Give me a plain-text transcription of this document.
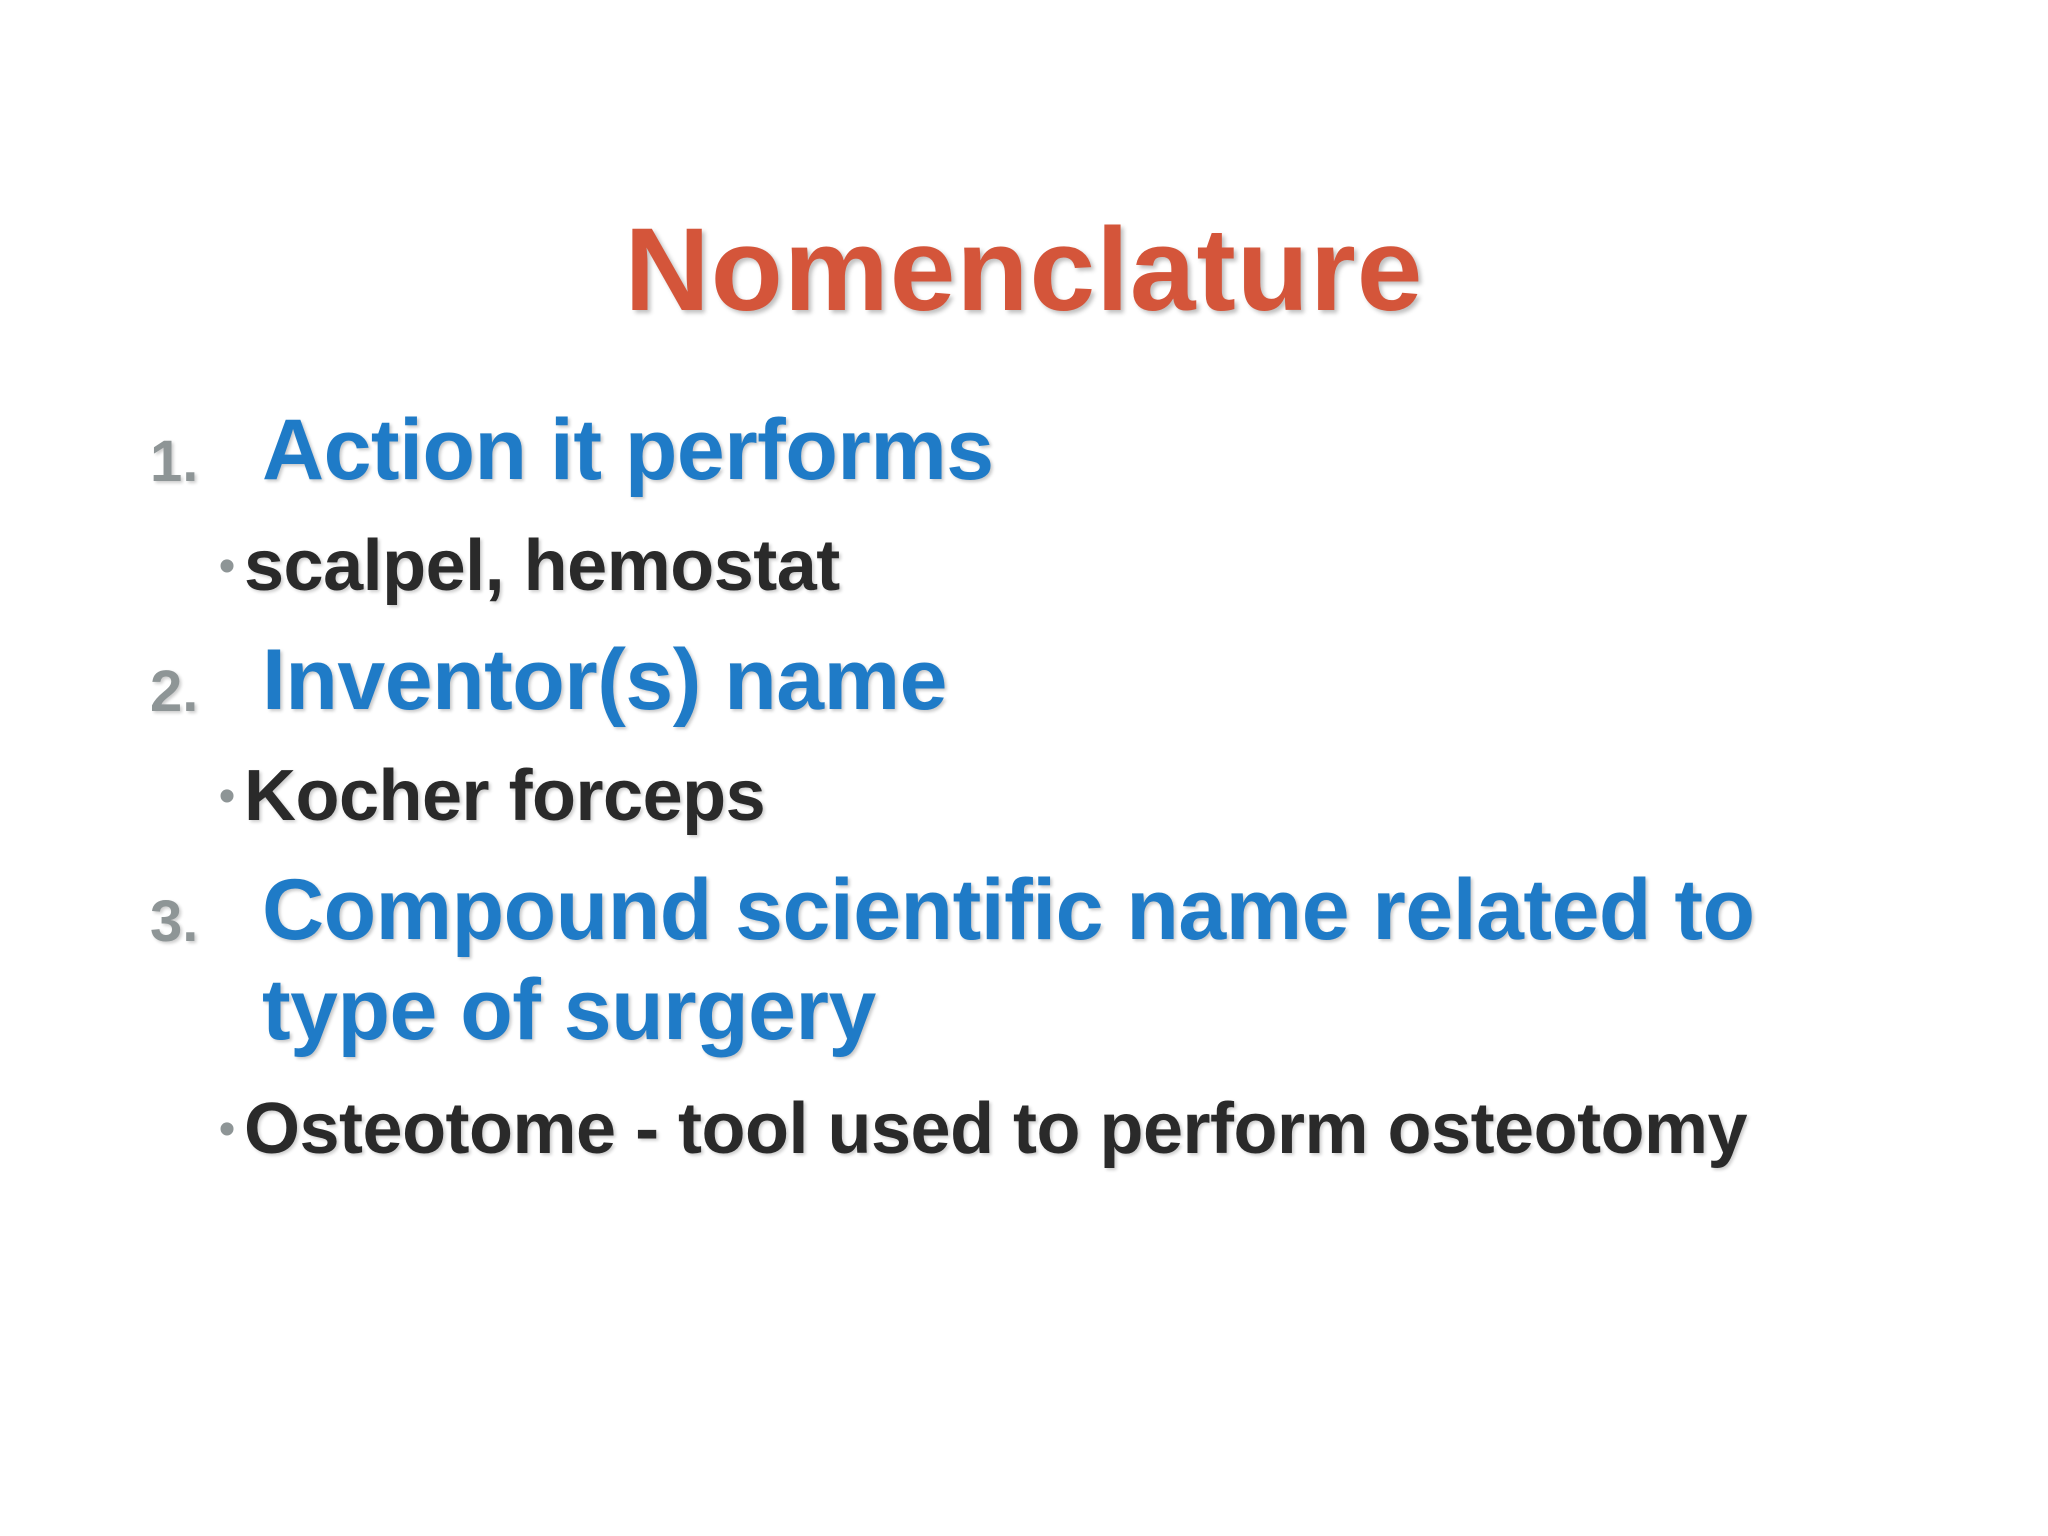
Nomenclature
1. Action it performs
• scalpel, hemostat
2. Inventor(s) name
• Kocher forceps
3. Compound scientific name related to type of surgery
• Osteotome - tool used to perform osteotomy
